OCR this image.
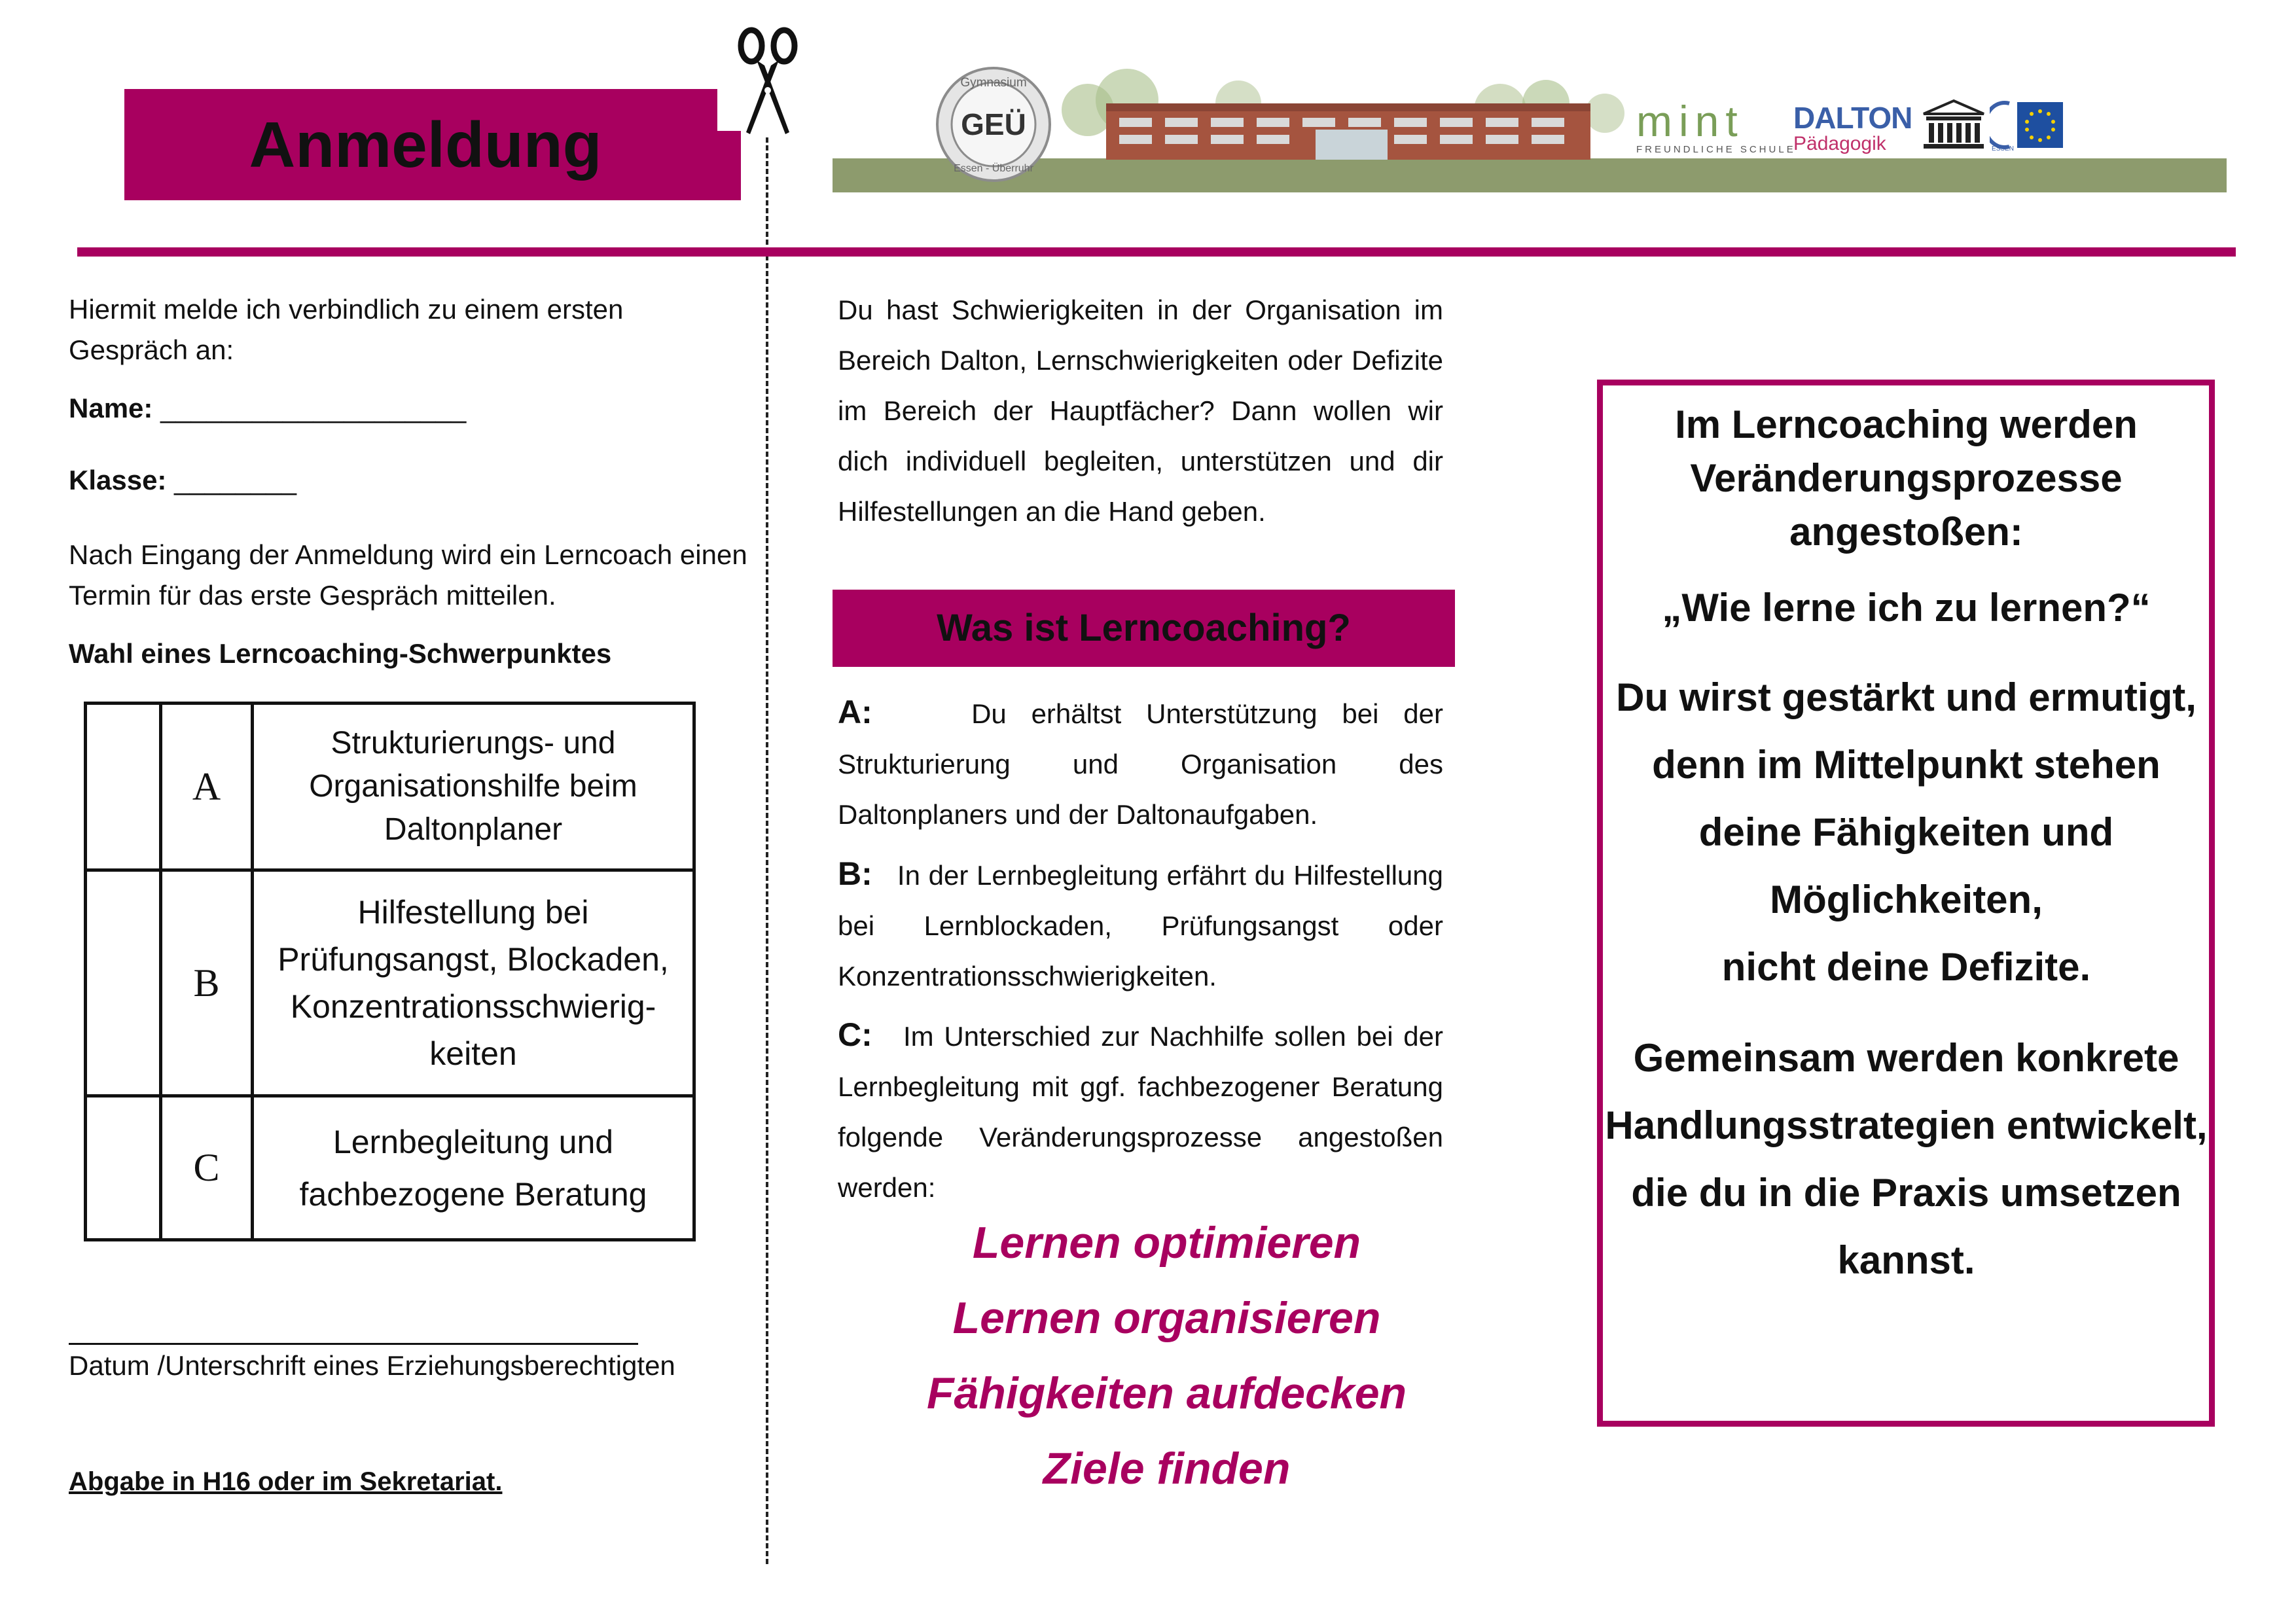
Anmeldung
Gymnasium
GEÜ
Essen - Überruhr
mint
FREUNDLICHE SCHULE
DALTON
Pädagogik	ESSEN
Hiermit melde ich verbindlich zu einem ersten Gespräch an:
Name: ____________________
Klasse: ________
Nach Eingang der Anmeldung wird ein Lerncoach einen Termin für das erste Gespräch mitteilen.
Wahl eines Lerncoaching-Schwerpunktes
	A	Strukturierungs- und
Organisationshilfe beim
Daltonplaner

	B	Hilfestellung bei
Prüfungsangst, Blockaden,
Konzentrationsschwierig-
keiten

	C	Lernbegleitung und
fachbezogene Beratung
Datum /Unterschrift eines Erziehungsberechtigten
Abgabe in H16 oder im Sekretariat.
Du hast Schwierigkeiten in der Organisation im Bereich Dalton, Lernschwierigkeiten oder Defizite im Bereich der Hauptfächer? Dann wollen wir dich individuell begleiten, unterstützen und dir Hilfestellungen an die Hand geben.
Was ist Lerncoaching?
A:	Du erhältst Unterstützung bei der Strukturierung und Organisation des Daltonplaners und der Daltonaufgaben.
B: In der Lernbegleitung erfährt du Hilfestellung bei Lernblockaden, Prüfungsangst oder Konzentrationsschwierigkeiten.
C: Im Unterschied zur Nachhilfe sollen bei der Lernbegleitung mit ggf. fachbezogener Beratung folgende Veränderungsprozesse angestoßen werden:
Lernen optimieren
Lernen organisieren
Fähigkeiten aufdecken
Ziele finden
Im Lerncoaching werden Veränderungsprozesse angestoßen:
„Wie lerne ich zu lernen?“
Du wirst gestärkt und ermutigt,
denn im Mittelpunkt stehen
deine Fähigkeiten und
Möglichkeiten,
nicht deine Defizite.
Gemeinsam werden konkrete
Handlungsstrategien entwickelt,
die du in die Praxis umsetzen
kannst.
